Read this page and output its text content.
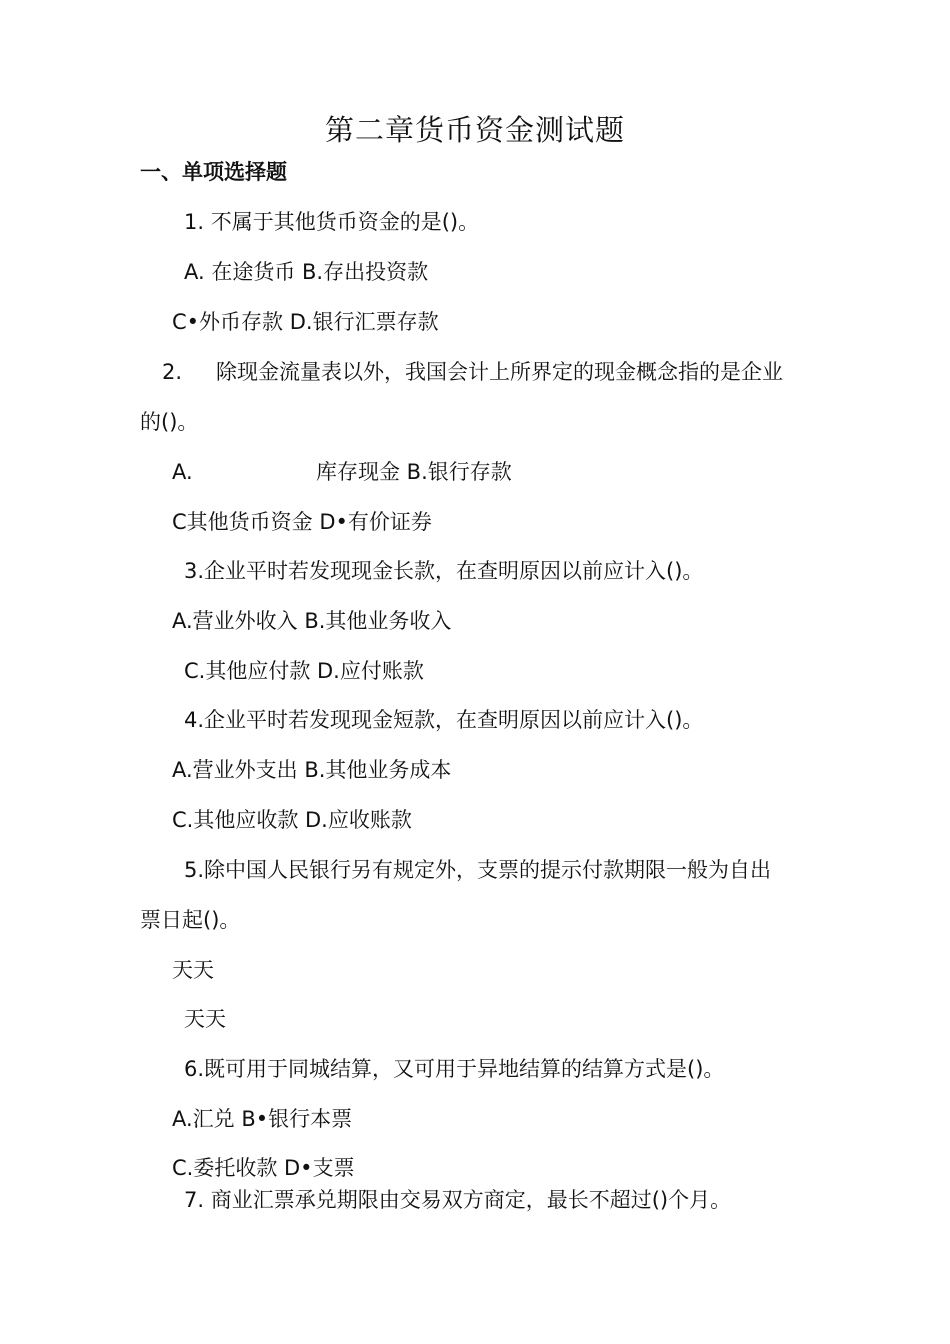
第二章货币资金测试题
一、单项选择题
1. 不属于其他货币资金的是()。
A. 在途货币 B.存出投资款
C•外币存款 D.银行汇票存款
2. 除现金流量表以外，我国会计上所界定的现金概念指的是企业
的()。
A.	库存现金 B.银行存款
C其他货币资金 D•有价证券
3.企业平时若发现现金长款，在查明原因以前应计入()。
A.营业外收入 B.其他业务收入
C.其他应付款 D.应付账款
4.企业平时若发现现金短款，在查明原因以前应计入()。
A.营业外支出 B.其他业务成本
C.其他应收款 D.应收账款
5.除中国人民银行另有规定外，支票的提示付款期限一般为自出
票日起()。
天天
天天
6.既可用于同城结算，又可用于异地结算的结算方式是()。
A.汇兑 B•银行本票
C.委托收款 D•支票
7. 商业汇票承兑期限由交易双方商定，最长不超过()个月。
